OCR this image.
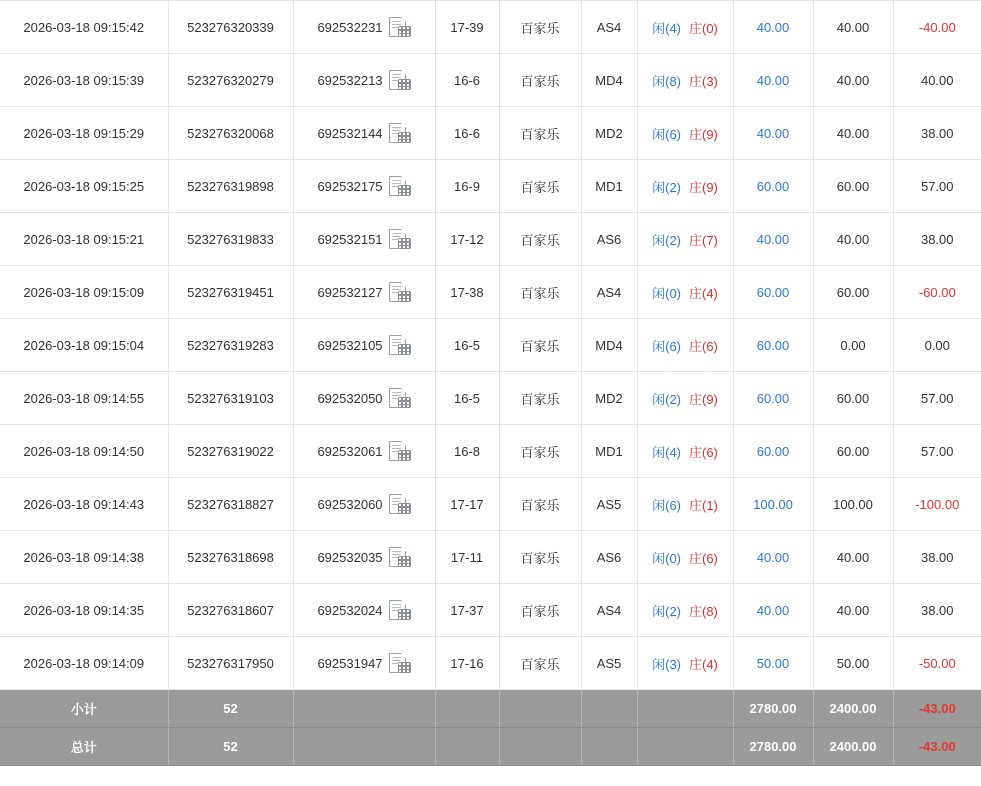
2026-03-18 09:15:42	523276320339	692532231	17-39	百家乐	AS4	闲(4) 庄(0)	40.00	40.00	-40.00
2026-03-18 09:15:39	523276320279	692532213	16-6	百家乐	MD4	闲(8) 庄(3)	40.00	40.00	40.00
2026-03-18 09:15:29	523276320068	692532144	16-6	百家乐	MD2	闲(6) 庄(9)	40.00	40.00	38.00
2026-03-18 09:15:25	523276319898	692532175	16-9	百家乐	MD1	闲(2) 庄(9)	60.00	60.00	57.00
2026-03-18 09:15:21	523276319833	692532151	17-12	百家乐	AS6	闲(2) 庄(7)	40.00	40.00	38.00
2026-03-18 09:15:09	523276319451	692532127	17-38	百家乐	AS4	闲(0) 庄(4)	60.00	60.00	-60.00
2026-03-18 09:15:04	523276319283	692532105	16-5	百家乐	MD4	闲(6) 庄(6)	60.00	0.00	0.00
2026-03-18 09:14:55	523276319103	692532050	16-5	百家乐	MD2	闲(2) 庄(9)	60.00	60.00	57.00
2026-03-18 09:14:50	523276319022	692532061	16-8	百家乐	MD1	闲(4) 庄(6)	60.00	60.00	57.00
2026-03-18 09:14:43	523276318827	692532060	17-17	百家乐	AS5	闲(6) 庄(1)	100.00	100.00	-100.00
2026-03-18 09:14:38	523276318698	692532035	17-11	百家乐	AS6	闲(0) 庄(6)	40.00	40.00	38.00
2026-03-18 09:14:35	523276318607	692532024	17-37	百家乐	AS4	闲(2) 庄(8)	40.00	40.00	38.00
2026-03-18 09:14:09	523276317950	692531947	17-16	百家乐	AS5	闲(3) 庄(4)	50.00	50.00	-50.00
小计	52						2780.00	2400.00	-43.00
总计	52						2780.00	2400.00	-43.00
